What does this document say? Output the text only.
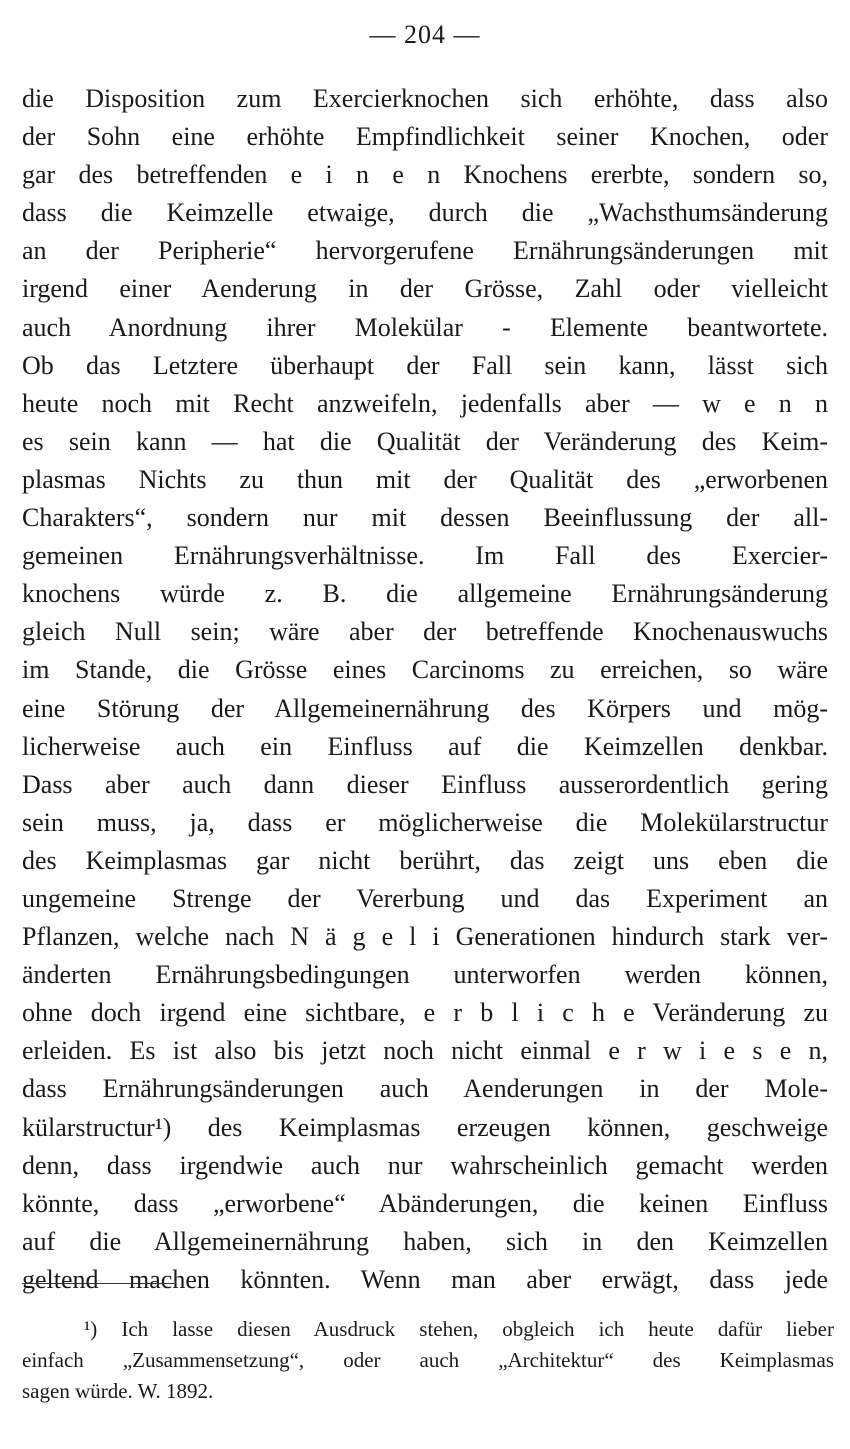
— 204 —
die Disposition zum Exercierknochen sich erhöhte, dass also
der Sohn eine erhöhte Empfindlichkeit seiner Knochen, oder
gar des betreffenden e i n e n Knochens ererbte, sondern so,
dass die Keimzelle etwaige, durch die „Wachsthumsänderung
an der Peripherie“ hervorgerufene Ernährungsänderungen mit
irgend einer Aenderung in der Grösse, Zahl oder vielleicht
auch Anordnung ihrer Molekülar - Elemente beantwortete.
Ob das Letztere überhaupt der Fall sein kann, lässt sich
heute noch mit Recht anzweifeln, jedenfalls aber — w e n n
es sein kann — hat die Qualität der Veränderung des Keim-
plasmas Nichts zu thun mit der Qualität des „erworbenen
Charakters“, sondern nur mit dessen Beeinflussung der all-
gemeinen Ernährungsverhältnisse. Im Fall des Exercier-
knochens würde z. B. die allgemeine Ernährungsänderung
gleich Null sein; wäre aber der betreffende Knochenauswuchs
im Stande, die Grösse eines Carcinoms zu erreichen, so wäre
eine Störung der Allgemeinernährung des Körpers und mög-
licherweise auch ein Einfluss auf die Keimzellen denkbar.
Dass aber auch dann dieser Einfluss ausserordentlich gering
sein muss, ja, dass er möglicherweise die Molekülarstructur
des Keimplasmas gar nicht berührt, das zeigt uns eben die
ungemeine Strenge der Vererbung und das Experiment an
Pflanzen, welche nach N ä g e l i Generationen hindurch stark ver-
änderten Ernährungsbedingungen unterworfen werden können,
ohne doch irgend eine sichtbare, e r b l i c h e Veränderung zu
erleiden. Es ist also bis jetzt noch nicht einmal e r w i e s e n,
dass Ernährungsänderungen auch Aenderungen in der Mole-
külarstructur¹) des Keimplasmas erzeugen können, geschweige
denn, dass irgendwie auch nur wahrscheinlich gemacht werden
könnte, dass „erworbene“ Abänderungen, die keinen Einfluss
auf die Allgemeinernährung haben, sich in den Keimzellen
geltend machen könnten. Wenn man aber erwägt, dass jede
¹) Ich lasse diesen Ausdruck stehen, obgleich ich heute dafür lieber
einfach „Zusammensetzung“, oder auch „Architektur“ des Keimplasmas
sagen würde. W. 1892.
